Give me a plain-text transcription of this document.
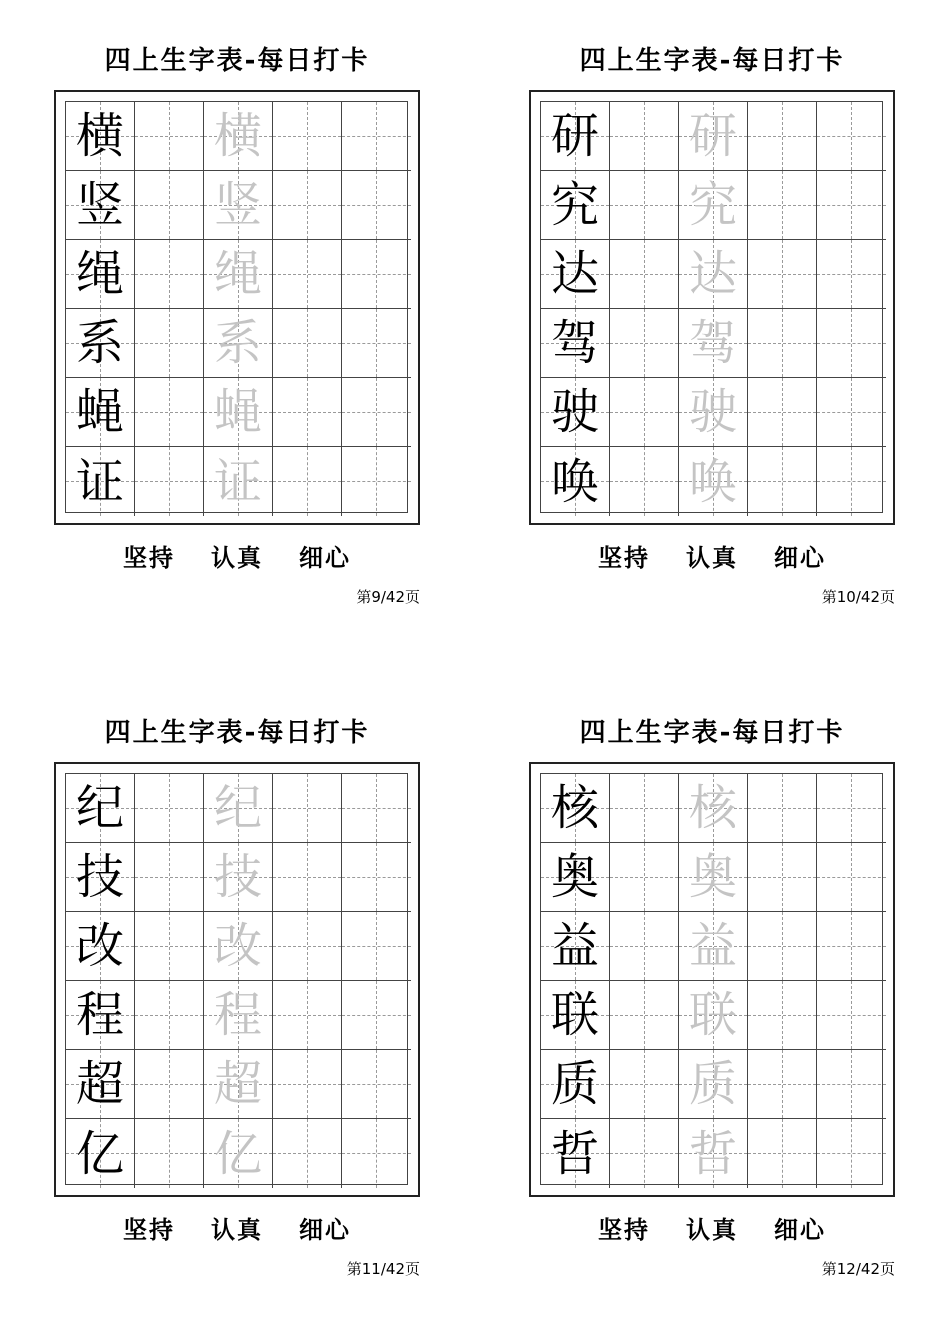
四上生字表-每日打卡
横 横
竖 竖
绳 绳
系 系
蝇 蝇
证 证
坚持 认真 细心
第9/42页
四上生字表-每日打卡
研 研
究 究
达 达
驾 驾
驶 驶
唤 唤
坚持 认真 细心
第10/42页
四上生字表-每日打卡
纪 纪
技 技
改 改
程 程
超 超
亿 亿
坚持 认真 细心
第11/42页
四上生字表-每日打卡
核 核
奥 奥
益 益
联 联
质 质
哲 哲
坚持 认真 细心
第12/42页
